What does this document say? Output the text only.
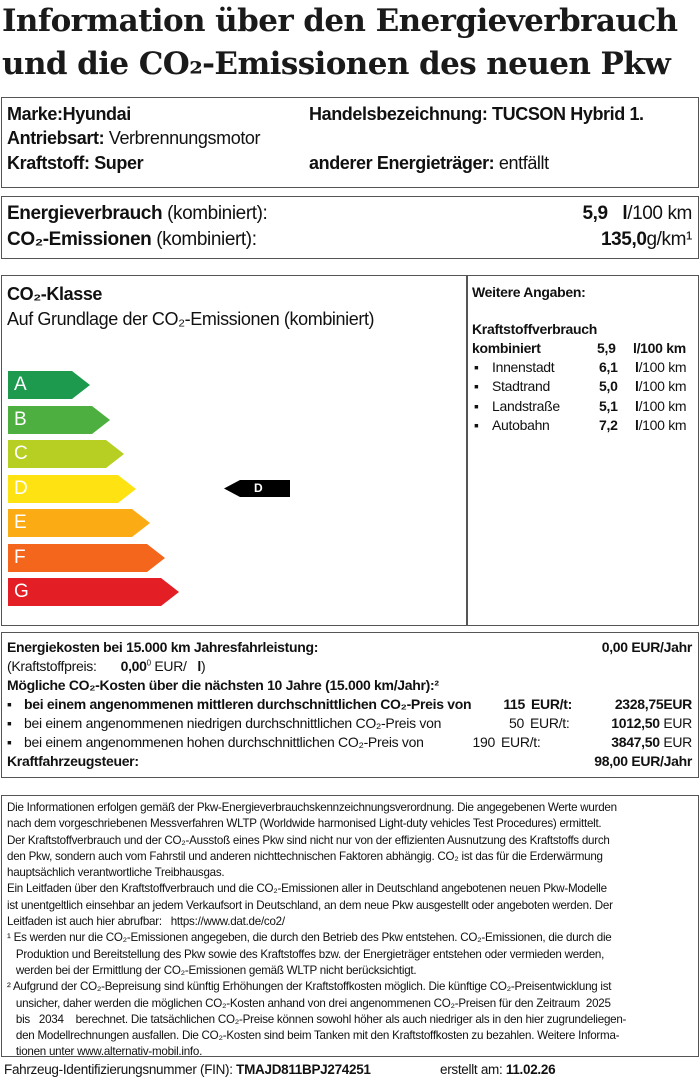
Information über den Energieverbrauch
und die CO₂-Emissionen des neuen Pkw
Marke:Hyundai	Handelsbezeichnung: TUCSON Hybrid 1.
Antriebsart: Verbrennungsmotor
Kraftstoff: Super	anderer Energieträger: entfällt
Energieverbrauch (kombiniert):	5,9 l/100 km
CO₂-Emissionen (kombiniert):	135,0g/km¹
CO₂-Klasse
Auf Grundlage der CO₂-Emissionen (kombiniert)
A
B
C
D
E
F
G
D
Weitere Angaben:
Kraftstoffverbrauch
kombiniert	5,9 l/100 km
▪ Innenstadt	6,1 l/100 km
▪ Stadtrand	5,0 l/100 km
▪ Landstraße	5,1 l/100 km
▪ Autobahn	7,2 l/100 km
Energiekosten bei 15.000 km Jahresfahrleistung:	0,00 EUR/Jahr
(Kraftstoffpreis: 0,00$^0$ EUR/ l)
Mögliche CO₂-Kosten über die nächsten 10 Jahre (15.000 km/Jahr):²
▪ bei einem angenommenen mittleren durchschnittlichen CO₂-Preis von	115 EUR/t:	2328,75EUR
▪ bei einem angenommenen niedrigen durchschnittlichen CO₂-Preis von	50 EUR/t:	1012,50 EUR
▪ bei einem angenommenen hohen durchschnittlichen CO₂-Preis von	190 EUR/t:	3847,50 EUR
Kraftfahrzeugsteuer:	98,00 EUR/Jahr
Die Informationen erfolgen gemäß der Pkw-Energieverbrauchskennzeichnungsverordnung. Die angegebenen Werte wurden
nach dem vorgeschriebenen Messverfahren WLTP (Worldwide harmonised Light-duty vehicles Test Procedures) ermittelt.
Der Kraftstoffverbrauch und der CO₂-Ausstoß eines Pkw sind nicht nur von der effizienten Ausnutzung des Kraftstoffs durch
den Pkw, sondern auch vom Fahrstil und anderen nichttechnischen Faktoren abhängig. CO₂ ist das für die Erderwärmung
hauptsächlich verantwortliche Treibhausgas.
Ein Leitfaden über den Kraftstoffverbrauch und die CO₂-Emissionen aller in Deutschland angebotenen neuen Pkw-Modelle
ist unentgeltlich einsehbar an jedem Verkaufsort in Deutschland, an dem neue Pkw ausgestellt oder angeboten werden. Der
Leitfaden ist auch hier abrufbar:   https://www.dat.de/co2/
¹ Es werden nur die CO₂-Emissionen angegeben, die durch den Betrieb des Pkw entstehen. CO₂-Emissionen, die durch die
Produktion und Bereitstellung des Pkw sowie des Kraftstoffes bzw. der Energieträger entstehen oder vermieden werden,
werden bei der Ermittlung der CO₂-Emissionen gemäß WLTP nicht berücksichtigt.
² Aufgrund der CO₂-Bepreisung sind künftig Erhöhungen der Kraftstoffkosten möglich. Die künftige CO₂-Preisentwicklung ist
unsicher, daher werden die möglichen CO₂-Kosten anhand von drei angenommenen CO₂-Preisen für den Zeitraum  2025
bis   2034    berechnet. Die tatsächlichen CO₂-Preise können sowohl höher als auch niedriger als in den hier zugrundeliegen-
den Modellrechnungen ausfallen. Die CO₂-Kosten sind beim Tanken mit den Kraftstoffkosten zu bezahlen. Weitere Informa-
tionen unter www.alternativ-mobil.info.
Fahrzeug-Identifizierungsnummer (FIN): TMAJD811BPJ274251	erstellt am: 11.02.26
